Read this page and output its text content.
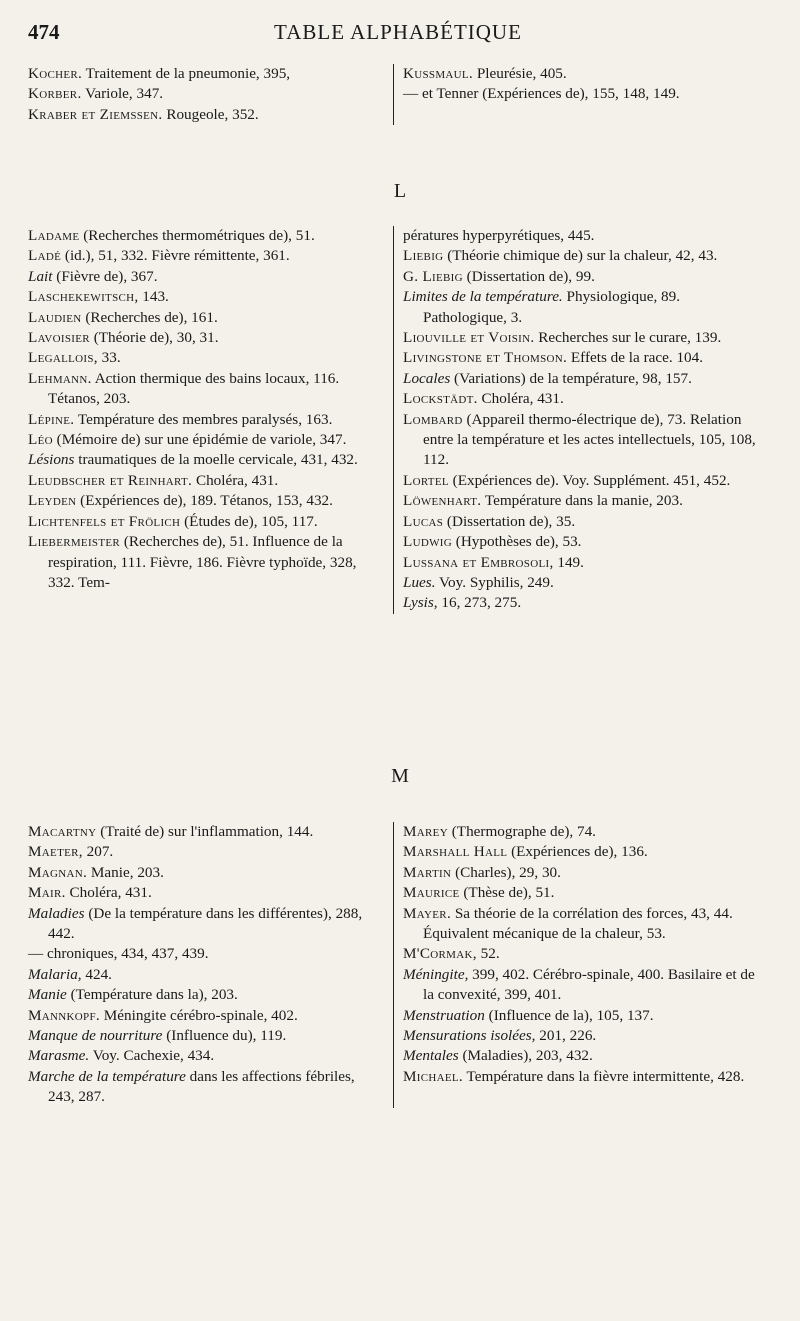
474	TABLE ALPHABÉTIQUE

Kocher. Traitement de la pneumonie, 395,

Korber. Variole, 347.

Kraber et Ziemssen. Rougeole, 352.

Kussmaul. Pleurésie, 405.

— et Tenner (Expériences de), 155, 148, 149.

L

Ladame (Recherches thermométriques de), 51.

Ladé (id.), 51, 332. Fièvre rémittente, 361.

Lait (Fièvre de), 367.

Laschekewitsch, 143.

Laudien (Recherches de), 161.

Lavoisier (Théorie de), 30, 31.

Legallois, 33.

Lehmann. Action thermique des bains locaux, 116. Tétanos, 203.

Lépine. Température des membres paralysés, 163.

Léo (Mémoire de) sur une épidémie de variole, 347.

Lésions traumatiques de la moelle cervicale, 431, 432.

Leudbscher et Reinhart. Choléra, 431.

Leyden (Expériences de), 189. Tétanos, 153, 432.

Lichtenfels et Frölich (Études de), 105, 117.

Liebermeister (Recherches de), 51. Influence de la respiration, 111. Fièvre, 186. Fièvre typhoïde, 328, 332. Tem-

pératures hyperpyrétiques, 445.

Liebig (Théorie chimique de) sur la chaleur, 42, 43.

G. Liebig (Dissertation de), 99.

Limites de la température. Physiologique, 89. Pathologique, 3.

Liouville et Voisin. Recherches sur le curare, 139.

Livingstone et Thomson. Effets de la race. 104.

Locales (Variations) de la température, 98, 157.

Lockstädt. Choléra, 431.

Lombard (Appareil thermo-électrique de), 73. Relation entre la température et les actes intellectuels, 105, 108, 112.

Lortel (Expériences de). Voy. Supplément. 451, 452.

Löwenhart. Température dans la manie, 203.

Lucas (Dissertation de), 35.

Ludwig (Hypothèses de), 53.

Lussana et Embrosoli, 149.

Lues. Voy. Syphilis, 249.

Lysis, 16, 273, 275.

M

Macartny (Traité de) sur l'inflammation, 144.

Maeter, 207.

Magnan. Manie, 203.

Mair. Choléra, 431.

Maladies (De la température dans les différentes), 288, 442.

— chroniques, 434, 437, 439.

Malaria, 424.

Manie (Température dans la), 203.

Mannkopf. Méningite cérébro-spinale, 402.

Manque de nourriture (Influence du), 119.

Marasme. Voy. Cachexie, 434.

Marche de la température dans les affections fébriles, 243, 287.

Marey (Thermographe de), 74.

Marshall Hall (Expériences de), 136.

Martin (Charles), 29, 30.

Maurice (Thèse de), 51.

Mayer. Sa théorie de la corrélation des forces, 43, 44. Équivalent mécanique de la chaleur, 53.

M'Cormak, 52.

Méningite, 399, 402. Cérébro-spinale, 400. Basilaire et de la convexité, 399, 401.

Menstruation (Influence de la), 105, 137.

Mensurations isolées, 201, 226.

Mentales (Maladies), 203, 432.

Michael. Température dans la fièvre intermittente, 428.
